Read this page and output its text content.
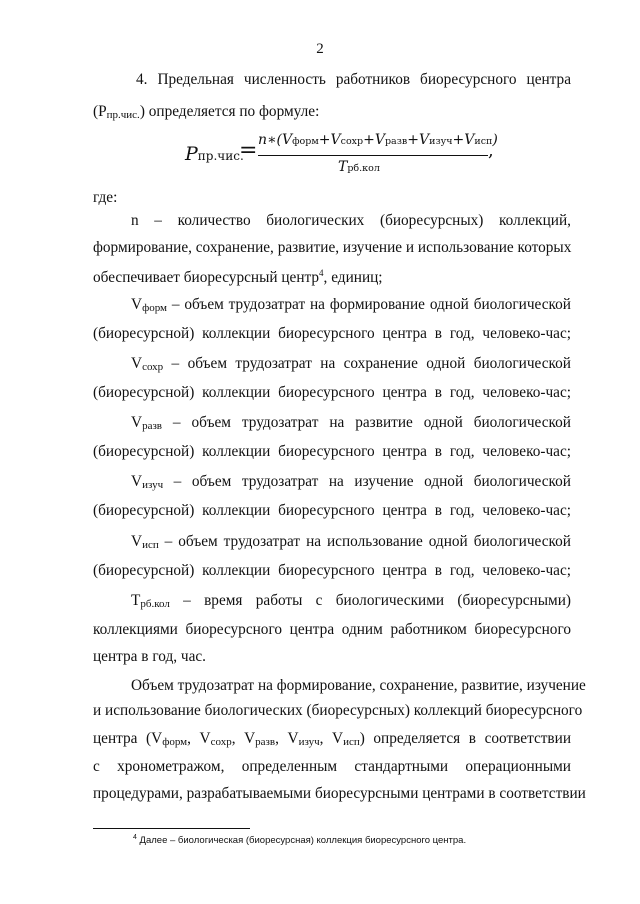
2
4. Предельная численность работников биоресурсного центра
(Рпр.чис.) определяется по формуле:
Pпр.чис.
= n∗(Vформ+Vсохр+Vразв+Vизуч+Vисп)
Tрб.кол
,
где:
n – количество биологических (биоресурсных) коллекций,
формирование, сохранение, развитие, изучение и использование которых
обеспечивает биоресурсный центр$^4$, единиц;
Vформ – объем трудозатрат на формирование одной биологической
(биоресурсной) коллекции биоресурсного центра в год, человеко-час;
Vсохр – объем трудозатрат на сохранение одной биологической
(биоресурсной) коллекции биоресурсного центра в год, человеко-час;
Vразв – объем трудозатрат на развитие одной биологической
(биоресурсной) коллекции биоресурсного центра в год, человеко-час;
Vизуч – объем трудозатрат на изучение одной биологической
(биоресурсной) коллекции биоресурсного центра в год, человеко-час;
Vисп – объем трудозатрат на использование одной биологической
(биоресурсной) коллекции биоресурсного центра в год, человеко-час;
Трб.кол – время работы с биологическими (биоресурсными)
коллекциями биоресурсного центра одним работником биоресурсного
центра в год, час.
Объем трудозатрат на формирование, сохранение, развитие, изучение
и использование биологических (биоресурсных) коллекций биоресурсного
центра (Vформ, Vсохр, Vразв, Vизуч, Vисп) определяется в соответствии
с хронометражом, определенным стандартными операционными
процедурами, разрабатываемыми биоресурсными центрами в соответствии
$^4$ Далее – биологическая (биоресурсная) коллекция биоресурсного центра.
